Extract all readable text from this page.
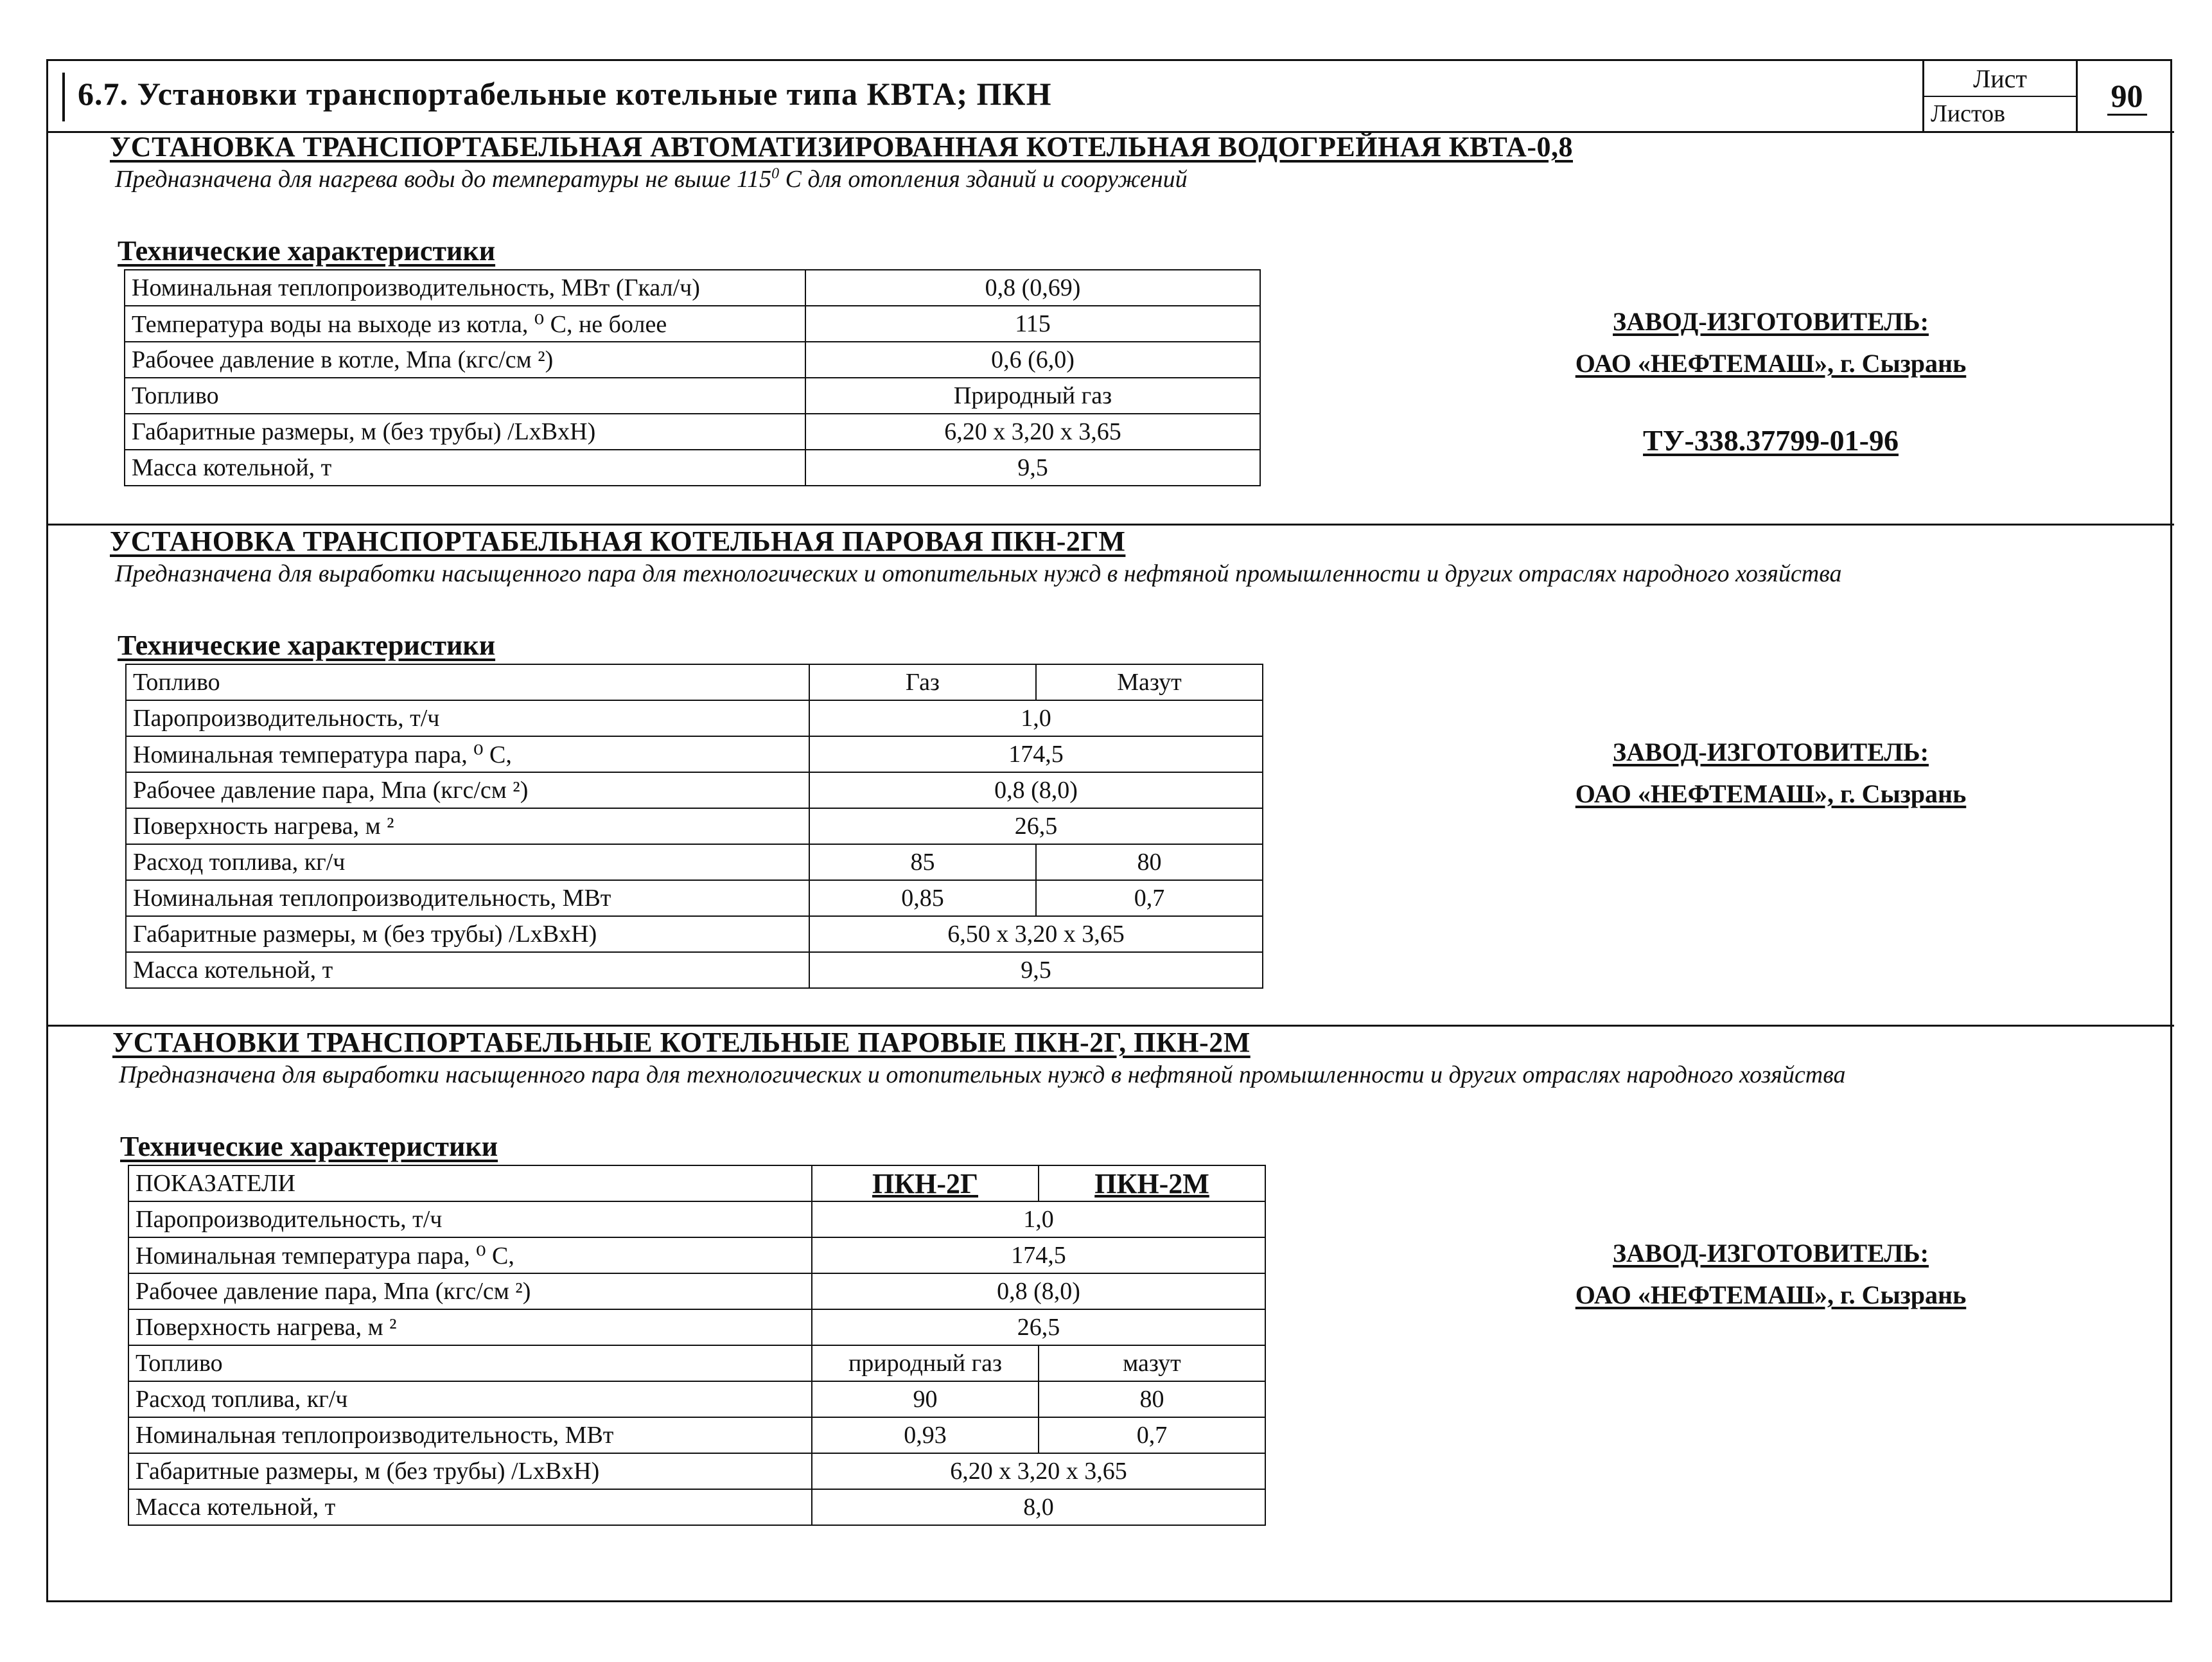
6.7. Установки транспортабельные котельные типа КВТА; ПКН	Лист
Листов	90
УСТАНОВКА ТРАНСПОРТАБЕЛЬНАЯ АВТОМАТИЗИРОВАННАЯ КОТЕЛЬНАЯ ВОДОГРЕЙНАЯ КВТА-0,8
Предназначена для нагрева воды до температуры не выше $115^0$ С для отопления зданий и сооружений
Технические характеристики
Номинальная теплопроизводительность, МВт (Гкал/ч)	0,8 (0,69)
Температура воды на выходе из котла, ⁰ С, не более	115
Рабочее давление в котле, Мпа (кгс/см ²)	0,6 (6,0)
Топливо	Природный газ
Габаритные размеры, м (без трубы) /LxBxH)	6,20 х 3,20 х 3,65
Масса котельной, т	9,5
ЗАВОД-ИЗГОТОВИТЕЛЬ:
ОАО «НЕФТЕМАШ», г. Сызрань
ТУ-338.37799-01-96
УСТАНОВКА ТРАНСПОРТАБЕЛЬНАЯ КОТЕЛЬНАЯ ПАРОВАЯ ПКН-2ГМ
Предназначена для выработки насыщенного пара для технологических и отопительных нужд в нефтяной промышленности и других отраслях народного хозяйства
Технические характеристики
Топливо	Газ	Мазут
Паропроизводительность, т/ч	1,0	
Номинальная температура пара, ⁰ С,	174,5	
Рабочее давление пара, Мпа (кгс/см ²)	0,8 (8,0)	
Поверхность нагрева, м ²	26,5	
Расход топлива, кг/ч	85	80
Номинальная теплопроизводительность, МВт	0,85	0,7
Габаритные размеры, м (без трубы) /LxBxH)	6,50 х 3,20 х 3,65	
Масса котельной, т	9,5	
ЗАВОД-ИЗГОТОВИТЕЛЬ:
ОАО «НЕФТЕМАШ», г. Сызрань
УСТАНОВКИ ТРАНСПОРТАБЕЛЬНЫЕ КОТЕЛЬНЫЕ ПАРОВЫЕ ПКН-2Г, ПКН-2М
Предназначена для выработки насыщенного пара для технологических и отопительных нужд в нефтяной промышленности и других отраслях народного хозяйства
Технические характеристики
ПОКАЗАТЕЛИ	ПКН-2Г	ПКН-2М
Паропроизводительность, т/ч	1,0	
Номинальная температура пара, ⁰ С,	174,5	
Рабочее давление пара, Мпа (кгс/см ²)	0,8 (8,0)	
Поверхность нагрева, м ²	26,5	
Топливо	природный газ	мазут
Расход топлива, кг/ч	90	80
Номинальная теплопроизводительность, МВт	0,93	0,7
Габаритные размеры, м (без трубы) /LxBxH)	6,20 х 3,20 х 3,65	
Масса котельной, т	8,0	
ЗАВОД-ИЗГОТОВИТЕЛЬ:
ОАО «НЕФТЕМАШ», г. Сызрань
